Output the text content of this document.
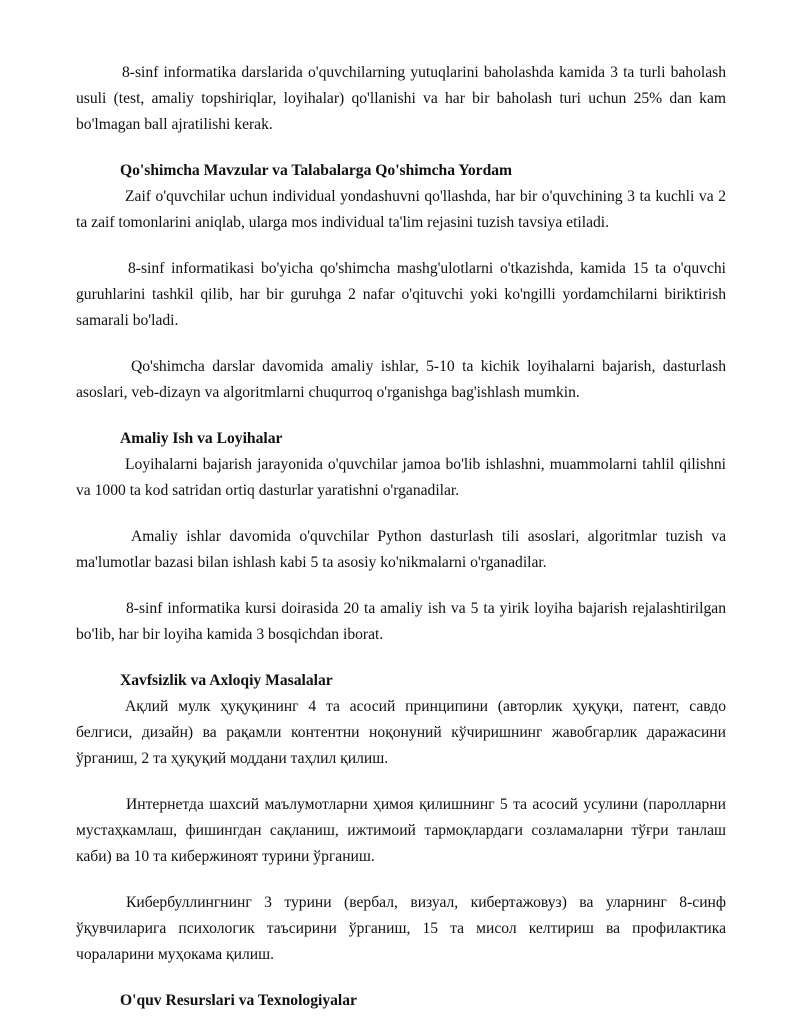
8-sinf informatika darslarida o'quvchilarning yutuqlarini baholashda kamida 3 ta turli baholash usuli (test, amaliy topshiriqlar, loyihalar) qo'llanishi va har bir baholash turi uchun 25% dan kam bo'lmagan ball ajratilishi kerak.

Qo'shimcha Mavzular va Talabalarga Qo'shimcha Yordam

Zaif o'quvchilar uchun individual yondashuvni qo'llashda, har bir o'quvchining 3 ta kuchli va 2 ta zaif tomonlarini aniqlab, ularga mos individual ta'lim rejasini tuzish tavsiya etiladi.

8-sinf informatikasi bo'yicha qo'shimcha mashg'ulotlarni o'tkazishda, kamida 15 ta o'quvchi guruhlarini tashkil qilib, har bir guruhga 2 nafar o'qituvchi yoki ko'ngilli yordamchilarni biriktirish samarali bo'ladi.

Qo'shimcha darslar davomida amaliy ishlar, 5-10 ta kichik loyihalarni bajarish, dasturlash asoslari, veb-dizayn va algoritmlarni chuqurroq o'rganishga bag'ishlash mumkin.

Amaliy Ish va Loyihalar

Loyihalarni bajarish jarayonida o'quvchilar jamoa bo'lib ishlashni, muammolarni tahlil qilishni va 1000 ta kod satridan ortiq dasturlar yaratishni o'rganadilar.

Amaliy ishlar davomida o'quvchilar Python dasturlash tili asoslari, algoritmlar tuzish va ma'lumotlar bazasi bilan ishlash kabi 5 ta asosiy ko'nikmalarni o'rganadilar.

8-sinf informatika kursi doirasida 20 ta amaliy ish va 5 ta yirik loyiha bajarish rejalashtirilgan bo'lib, har bir loyiha kamida 3 bosqichdan iborat.

Xavfsizlik va Axloqiy Masalalar

Ақлий мулк ҳуқуқининг 4 та асосий принципини (авторлик ҳуқуқи, патент, савдо белгиси, дизайн) ва рақамли контентни ноқонуний кўчиришнинг жавобгарлик даражасини ўрганиш, 2 та ҳуқуқий моддани таҳлил қилиш.

Интернетда шахсий маълумотларни ҳимоя қилишнинг 5 та асосий усулини (паролларни мустаҳкамлаш, фишингдан сақланиш, ижтимоий тармоқлардаги созламаларни тўғри танлаш каби) ва 10 та кибержиноят турини ўрганиш.

Кибербуллингнинг 3 турини (вербал, визуал, кибертажовуз) ва уларнинг 8-синф ўқувчиларига психологик таъсирини ўрганиш, 15 та мисол келтириш ва профилактика чораларини муҳокама қилиш.

O'quv Resurslari va Texnologiyalar
